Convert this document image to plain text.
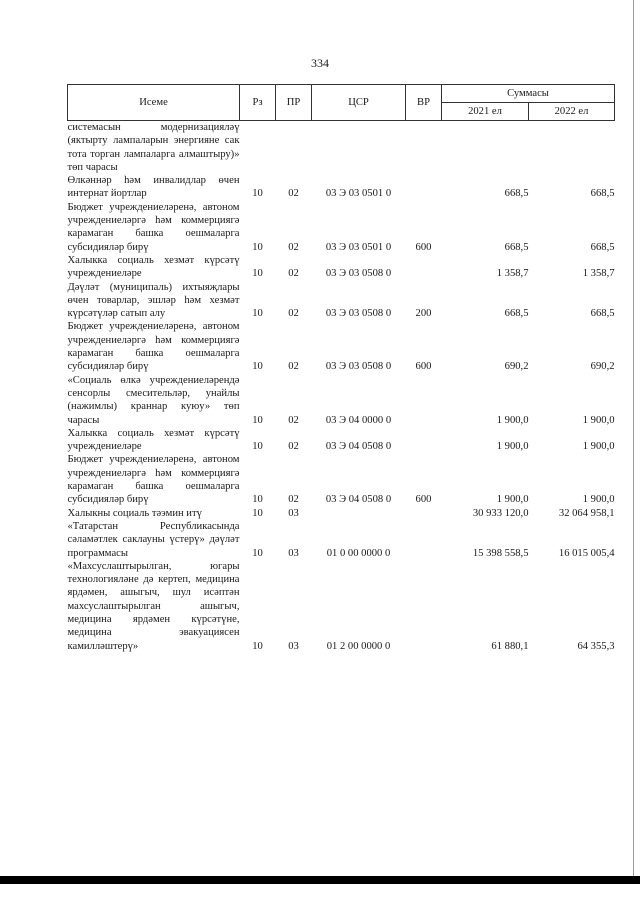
334
Исеме	Рз	ПР	ЦСР	ВР	Суммасы	
					2021 ел	2022 ел
системасын модернизацияләү (яктырту лампаларын энергияне сак тота торган лампаларга алмаштыру)» төп чарасы						
Өлкәннәр һәм инвалидлар өчен интернат йортлар	10	02	03 Э 03 0501 0		668,5	668,5
Бюджет учреждениеләренә, автоном учреждениеләргә һәм коммерциягә карамаган башка оешмаларга субсидияләр бирү	10	02	03 Э 03 0501 0	600	668,5	668,5
Халыкка социаль хезмәт күрсәтү учреждениеләре	10	02	03 Э 03 0508 0		1 358,7	1 358,7
Дәүләт (муниципаль) ихтыяҗлары өчен товарлар, эшләр һәм хезмәт күрсәтүләр сатып алу	10	02	03 Э 03 0508 0	200	668,5	668,5
Бюджет учреждениеләренә, автоном учреждениеләргә һәм коммерциягә карамаган башка оешмаларга субсидияләр бирү	10	02	03 Э 03 0508 0	600	690,2	690,2
«Социаль өлкә учреждениеләрендә сенсорлы смесительләр, унайлы (нажимлы) краннар куюу» төп чарасы	10	02	03 Э 04 0000 0		1 900,0	1 900,0
Халыкка социаль хезмәт күрсәтү учреждениеләре	10	02	03 Э 04 0508 0		1 900,0	1 900,0
Бюджет учреждениеләренә, автоном учреждениеләргә һәм коммерциягә карамаган башка оешмаларга субсидияләр бирү	10	02	03 Э 04 0508 0	600	1 900,0	1 900,0
Халыкны социаль тәэмин итү	10	03			30 933 120,0	32 064 958,1
«Татарстан Республикасында сәламәтлек саклауны үстерү» дәүләт программасы	10	03	01 0 00 0000 0		15 398 558,5	16 015 005,4
«Махсуслаштырылган, югары технологияләне дә кертеп, медицина ярдәмен, ашыгыч, шул исәптән махсуслаштырылган ашыгыч, медицина ярдәмен күрсәтүне, медицина эвакуациясен камилләштерү»	10	03	01 2 00 0000 0		61 880,1	64 355,3
